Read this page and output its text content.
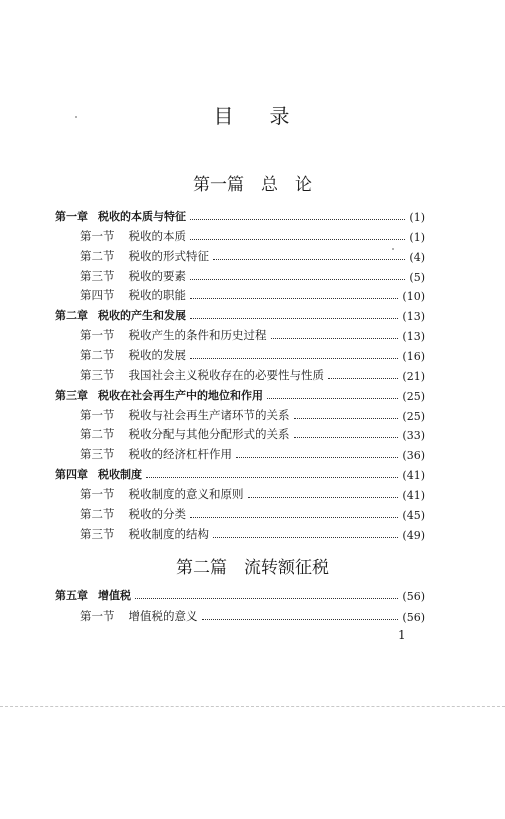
目 录
第一篇　总　论
第一章 税收的本质与特征	(1)
第一节 税收的本质	(1)
第二节 税收的形式特征	(4)
第三节 税收的要素	(5)
第四节 税收的职能	(10)
第二章 税收的产生和发展	(13)
第一节 税收产生的条件和历史过程	(13)
第二节 税收的发展	(16)
第三节 我国社会主义税收存在的必要性与性质	(21)
第三章 税收在社会再生产中的地位和作用	(25)
第一节 税收与社会再生产诸环节的关系	(25)
第二节 税收分配与其他分配形式的关系	(33)
第三节 税收的经济杠杆作用	(36)
第四章 税收制度	(41)
第一节 税收制度的意义和原则	(41)
第二节 税收的分类	(45)
第三节 税收制度的结构	(49)
第二篇　流转额征税
第五章 增值税	(56)
第一节 增值税的意义	(56)
1
